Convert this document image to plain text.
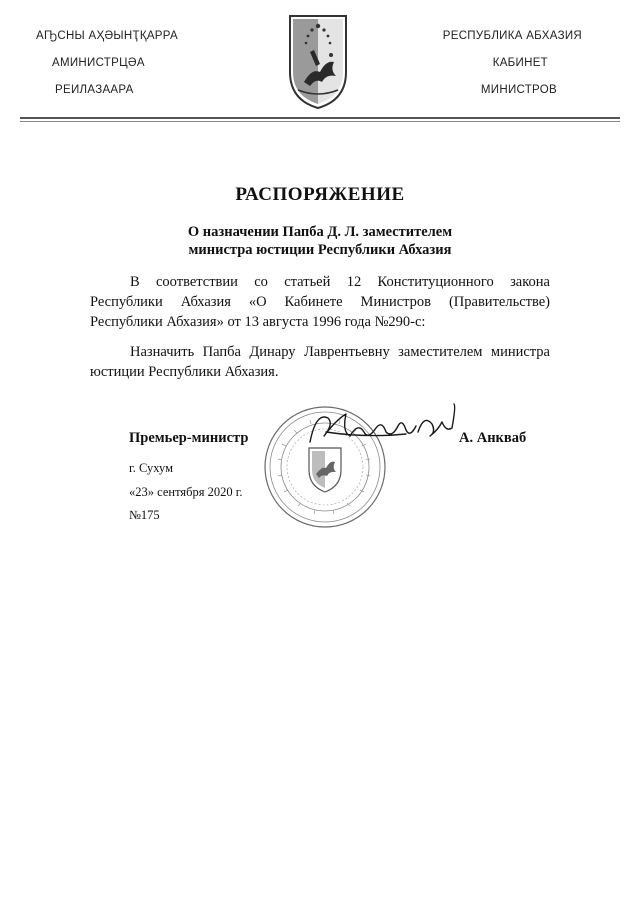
АҦСНЫ АҲӘЫНҬҚАРРА
АМИНИСТРЦӘА
РЕИЛАЗААРА
РЕСПУБЛИКА АБХАЗИЯ
КАБИНЕТ
МИНИСТРОВ
РАСПОРЯЖЕНИЕ
О назначении Папба Д. Л. заместителем
министра юстиции Республики Абхазия
В соответствии со статьей 12 Конституционного закона Республики Абхазия «О Кабинете Министров (Правительстве) Республики Абхазия» от 13 августа 1996 года №290-с:
Назначить Папба Динару Лаврентьевну заместителем министра юстиции Республики Абхазия.
Премьер-министр	А. Анкваб
г. Сухум
«23» сентября 2020 г.
№175
